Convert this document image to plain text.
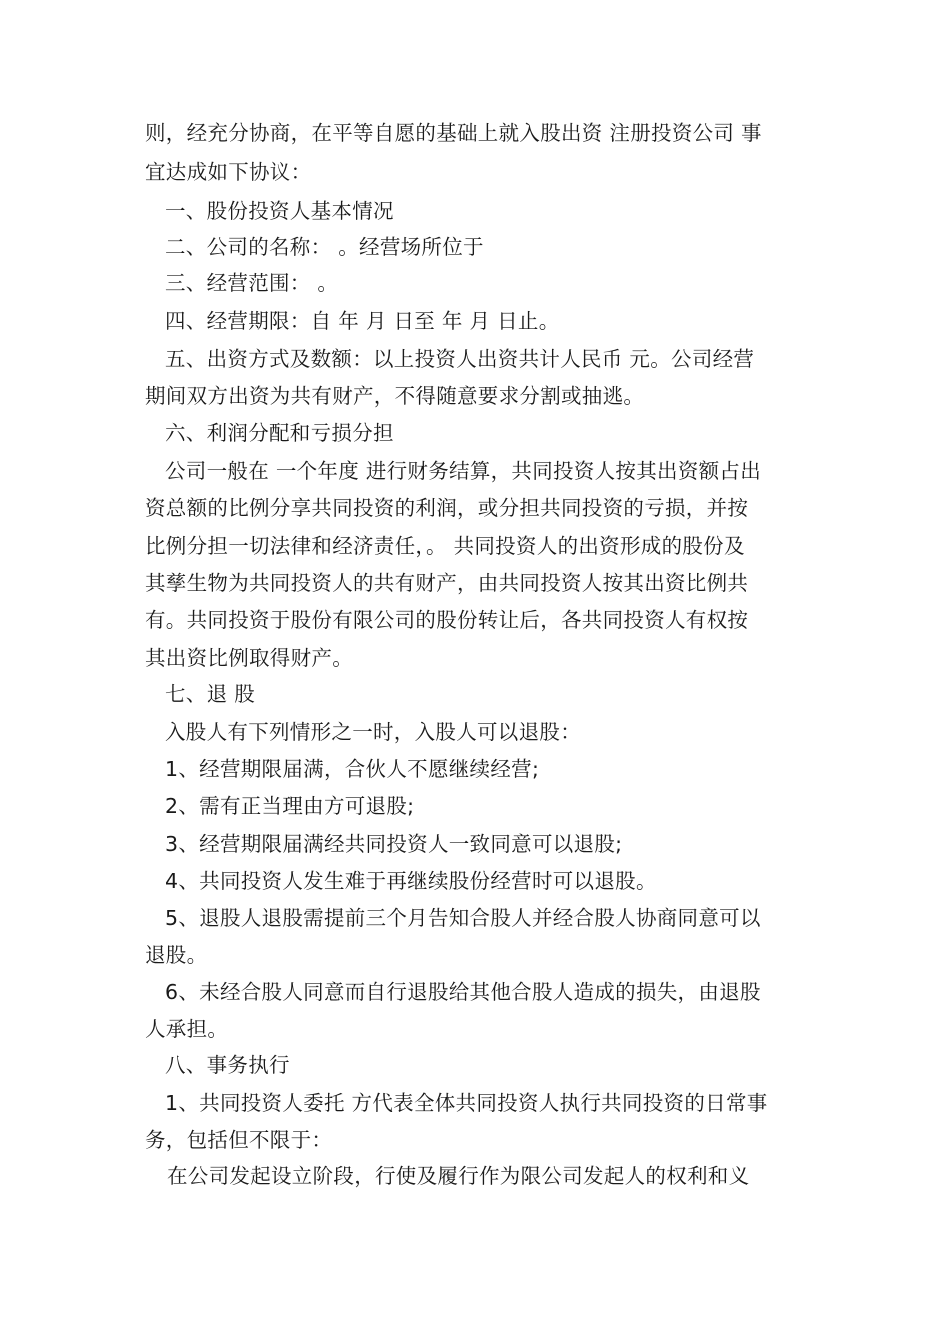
则，经充分协商，在平等自愿的基础上就入股出资 注册投资公司 事
宜达成如下协议：
一、股份投资人基本情况
二、公司的名称： 。经营场所位于
三、经营范围： 。
四、经营期限：自 年 月 日至 年 月 日止。
五、出资方式及数额：以上投资人出资共计人民币 元。公司经营
期间双方出资为共有财产，不得随意要求分割或抽逃。
六、利润分配和亏损分担
公司一般在 一个年度 进行财务结算，共同投资人按其出资额占出
资总额的比例分享共同投资的利润，或分担共同投资的亏损，并按
比例分担一切法律和经济责任，。 共同投资人的出资形成的股份及
其孳生物为共同投资人的共有财产，由共同投资人按其出资比例共
有。共同投资于股份有限公司的股份转让后，各共同投资人有权按
其出资比例取得财产。
七、退 股
入股人有下列情形之一时，入股人可以退股：
1、经营期限届满，合伙人不愿继续经营;
2、需有正当理由方可退股;
3、经营期限届满经共同投资人一致同意可以退股;
4、共同投资人发生难于再继续股份经营时可以退股。
5、退股人退股需提前三个月告知合股人并经合股人协商同意可以
退股。
6、未经合股人同意而自行退股给其他合股人造成的损失，由退股
人承担。
八、事务执行
1、共同投资人委托 方代表全体共同投资人执行共同投资的日常事
务，包括但不限于：
在公司发起设立阶段，行使及履行作为限公司发起人的权利和义
